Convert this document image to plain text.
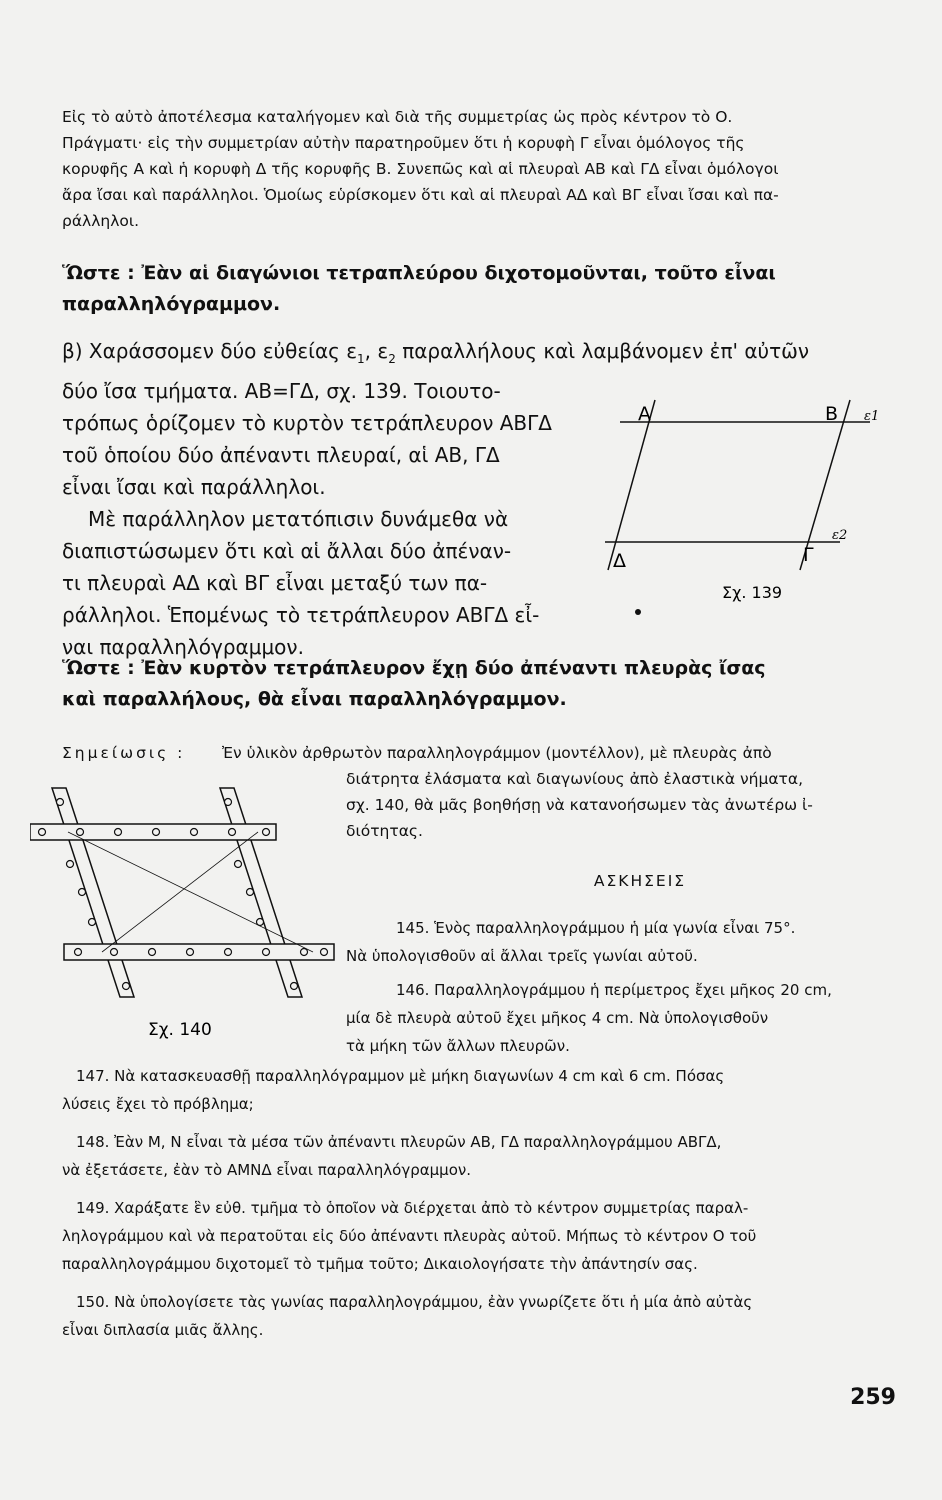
Εἰς τὸ αὐτὸ ἀποτέλεσμα καταλήγομεν καὶ διὰ τῆς συμμετρίας ὡς πρὸς κέντρον τὸ Ο.
Πράγματι· εἰς τὴν συμμετρίαν αὐτὴν παρατηροῦμεν ὅτι ἡ κορυφὴ Γ εἶναι ὁμόλογος τῆς
κορυφῆς Α καὶ ἡ κορυφὴ Δ τῆς κορυφῆς Β. Συνεπῶς καὶ αἱ πλευραὶ ΑΒ καὶ ΓΔ εἶναι ὁμόλογοι
ἄρα ἴσαι καὶ παράλληλοι. Ὁμοίως εὑρίσκομεν ὅτι καὶ αἱ πλευραὶ ΑΔ καὶ ΒΓ εἶναι ἴσαι καὶ πα-
ράλληλοι.
Ὥστε : Ἐὰν αἱ διαγώνιοι τετραπλεύρου διχοτομοῦνται, τοῦτο εἶναι
παραλληλόγραμμον.
β) Χαράσσομεν δύο εὐθείας $\varepsilon_1$, $\varepsilon_2$ παραλλήλους καὶ λαμβάνομεν ἐπ' αὐτῶν
δύο ἴσα τμήματα. ΑΒ=ΓΔ, σχ. 139. Τοιουτο-
τρόπως ὁρίζομεν τὸ κυρτὸν τετράπλευρον ΑΒΓΔ
τοῦ ὁποίου δύο ἀπέναντι πλευραί, αἱ ΑΒ, ΓΔ
εἶναι ἴσαι καὶ παράλληλοι.
Μὲ παράλληλον μετατόπισιν δυνάμεθα νὰ
διαπιστώσωμεν ὅτι καὶ αἱ ἄλλαι δύο ἀπέναν-
τι πλευραὶ ΑΔ καὶ ΒΓ εἶναι μεταξύ των πα-
ράλληλοι. Ἑπομένως τὸ τετράπλευρον ΑΒΓΔ εἶ-
ναι παραλληλόγραμμον.
Α	Β ε1
ε2
Γ
Δ
Σχ. 139
Ὥστε : Ἐὰν κυρτὸν τετράπλευρον ἔχῃ δύο ἀπέναντι πλευρὰς ἴσας
καὶ παραλλήλους, θὰ εἶναι παραλληλόγραμμον.
Σημείωσις : Ἐν ὑλικὸν ἀρθρωτὸν παραλληλογράμμον (μοντέλλον), μὲ πλευρὰς ἀπὸ
διάτρητα ἐλάσματα καὶ διαγωνίους ἀπὸ ἐλαστικὰ νήματα,
σχ. 140, θὰ μᾶς βοηθήσῃ νὰ κατανοήσωμεν τὰς ἀνωτέρω ἰ-
διότητας.
Σχ. 140
ΑΣΚΗΣΕΙΣ
145. Ἑνὸς παραλληλογράμμου ἡ μία γωνία εἶναι 75°.
Νὰ ὑπολογισθοῦν αἱ ἄλλαι τρεῖς γωνίαι αὐτοῦ.
146. Παραλληλογράμμου ἡ περίμετρος ἔχει μῆκος 20 cm,
μία δὲ πλευρὰ αὐτοῦ ἔχει μῆκος 4 cm. Νὰ ὑπολογισθοῦν
τὰ μήκη τῶν ἄλλων πλευρῶν.
147. Νὰ κατασκευασθῇ παραλληλόγραμμον μὲ μήκη διαγωνίων 4 cm καὶ 6 cm. Πόσας
λύσεις ἔχει τὸ πρόβλημα;
148. Ἐὰν Μ, Ν εἶναι τὰ μέσα τῶν ἀπέναντι πλευρῶν ΑΒ, ΓΔ παραλληλογράμμου ΑΒΓΔ,
νὰ ἐξετάσετε, ἐὰν τὸ ΑΜΝΔ εἶναι παραλληλόγραμμον.
149. Χαράξατε ἓν εὐθ. τμῆμα τὸ ὁποῖον νὰ διέρχεται ἀπὸ τὸ κέντρον συμμετρίας παραλ-
ληλογράμμου καὶ νὰ περατοῦται εἰς δύο ἀπέναντι πλευρὰς αὐτοῦ. Μήπως τὸ κέντρον Ο τοῦ
παραλληλογράμμου διχοτομεῖ τὸ τμῆμα τοῦτο; Δικαιολογήσατε τὴν ἀπάντησίν σας.
150. Νὰ ὑπολογίσετε τὰς γωνίας παραλληλογράμμου, ἐὰν γνωρίζετε ὅτι ἡ μία ἀπὸ αὐτὰς
εἶναι διπλασία μιᾶς ἄλλης.
259
